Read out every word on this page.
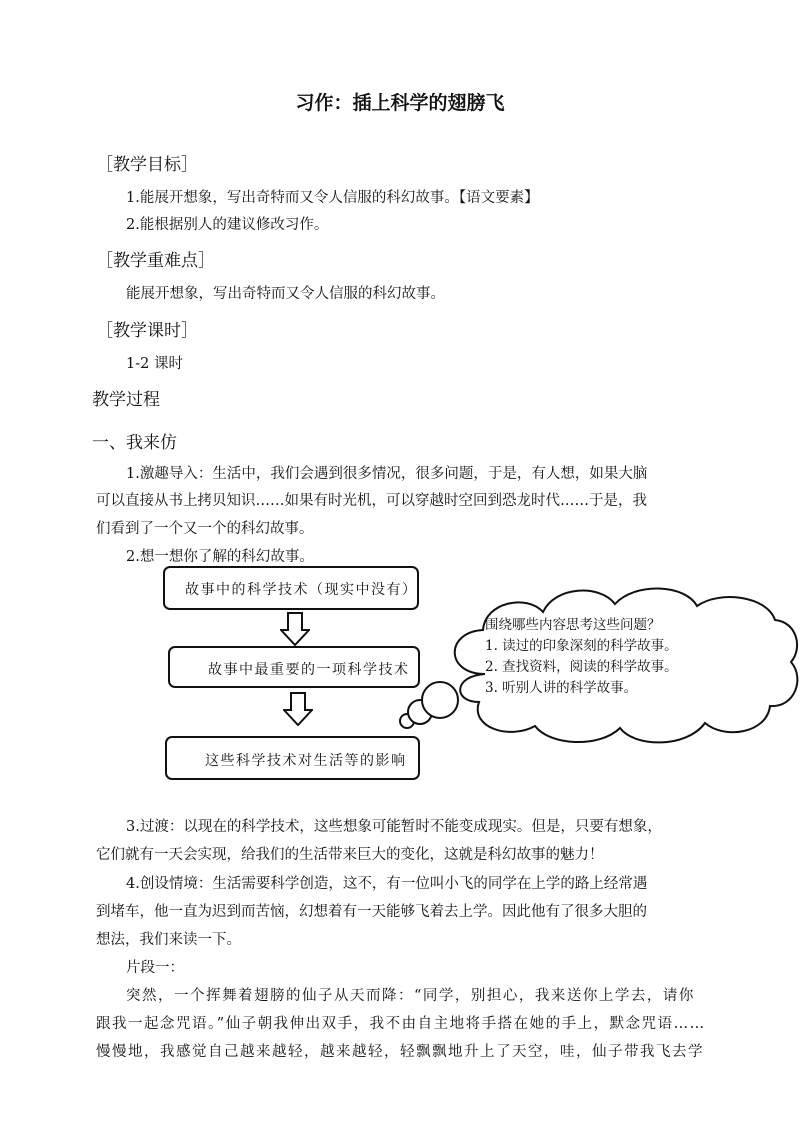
习作：插上科学的翅膀飞
［教学目标］
1.能展开想象，写出奇特而又令人信服的科幻故事。【语文要素】
2.能根据别人的建议修改习作。
［教学重难点］
能展开想象，写出奇特而又令人信服的科幻故事。
［教学课时］
1-2 课时
教学过程
一、我来仿
1.激趣导入：生活中，我们会遇到很多情况，很多问题，于是，有人想，如果大脑
可以直接从书上拷贝知识……如果有时光机，可以穿越时空回到恐龙时代……于是，我
们看到了一个又一个的科幻故事。
2.想一想你了解的科幻故事。
故事中的科学技术（现实中没有）
故事中最重要的一项科学技术
这些科学技术对生活等的影响
围绕哪些内容思考这些问题？
1. 读过的印象深刻的科学故事。
2. 查找资料，阅读的科学故事。
3. 听别人讲的科学故事。
3.过渡：以现在的科学技术，这些想象可能暂时不能变成现实。但是，只要有想象，
它们就有一天会实现，给我们的生活带来巨大的变化，这就是科幻故事的魅力！
4.创设情境：生活需要科学创造，这不，有一位叫小飞的同学在上学的路上经常遇
到堵车，他一直为迟到而苦恼，幻想着有一天能够飞着去上学。因此他有了很多大胆的
想法，我们来读一下。
片段一：
突然，一个挥舞着翅膀的仙子从天而降：“同学，别担心，我来送你上学去，请你
跟我一起念咒语。”仙子朝我伸出双手，我不由自主地将手搭在她的手上，默念咒语……
慢慢地，我感觉自己越来越轻，越来越轻，轻飘飘地升上了天空，哇，仙子带我飞去学
